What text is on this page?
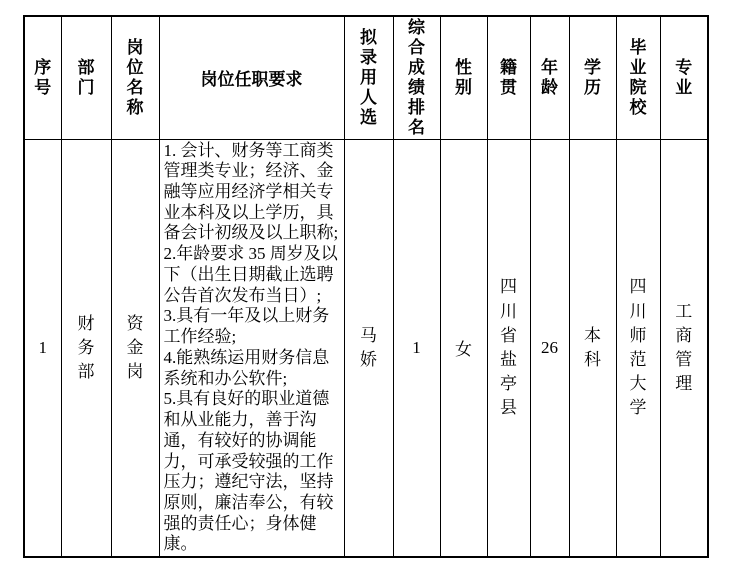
序号	部门	岗位名称	岗位任职要求	拟录用人选	综合成绩排名	性别	籍贯	年龄	学历	毕业院校	专业
1	财务部	资金岗	1. 会计、财务等工商类管理类专业；经济、金融等应用经济学相关专业本科及以上学历，具备会计初级及以上职称;
2.年龄要求 35 周岁及以下（出生日期截止选聘公告首次发布当日）;
3.具有一年及以上财务工作经验;
4.能熟练运用财务信息系统和办公软件;
5.具有良好的职业道德和从业能力，善于沟通，有较好的协调能力，可承受较强的工作压力；遵纪守法，坚持原则，廉洁奉公，有较强的责任心；身体健康。	马娇	1	女	四川省盐亭县	26	本科	四川师范大学	工商管理
